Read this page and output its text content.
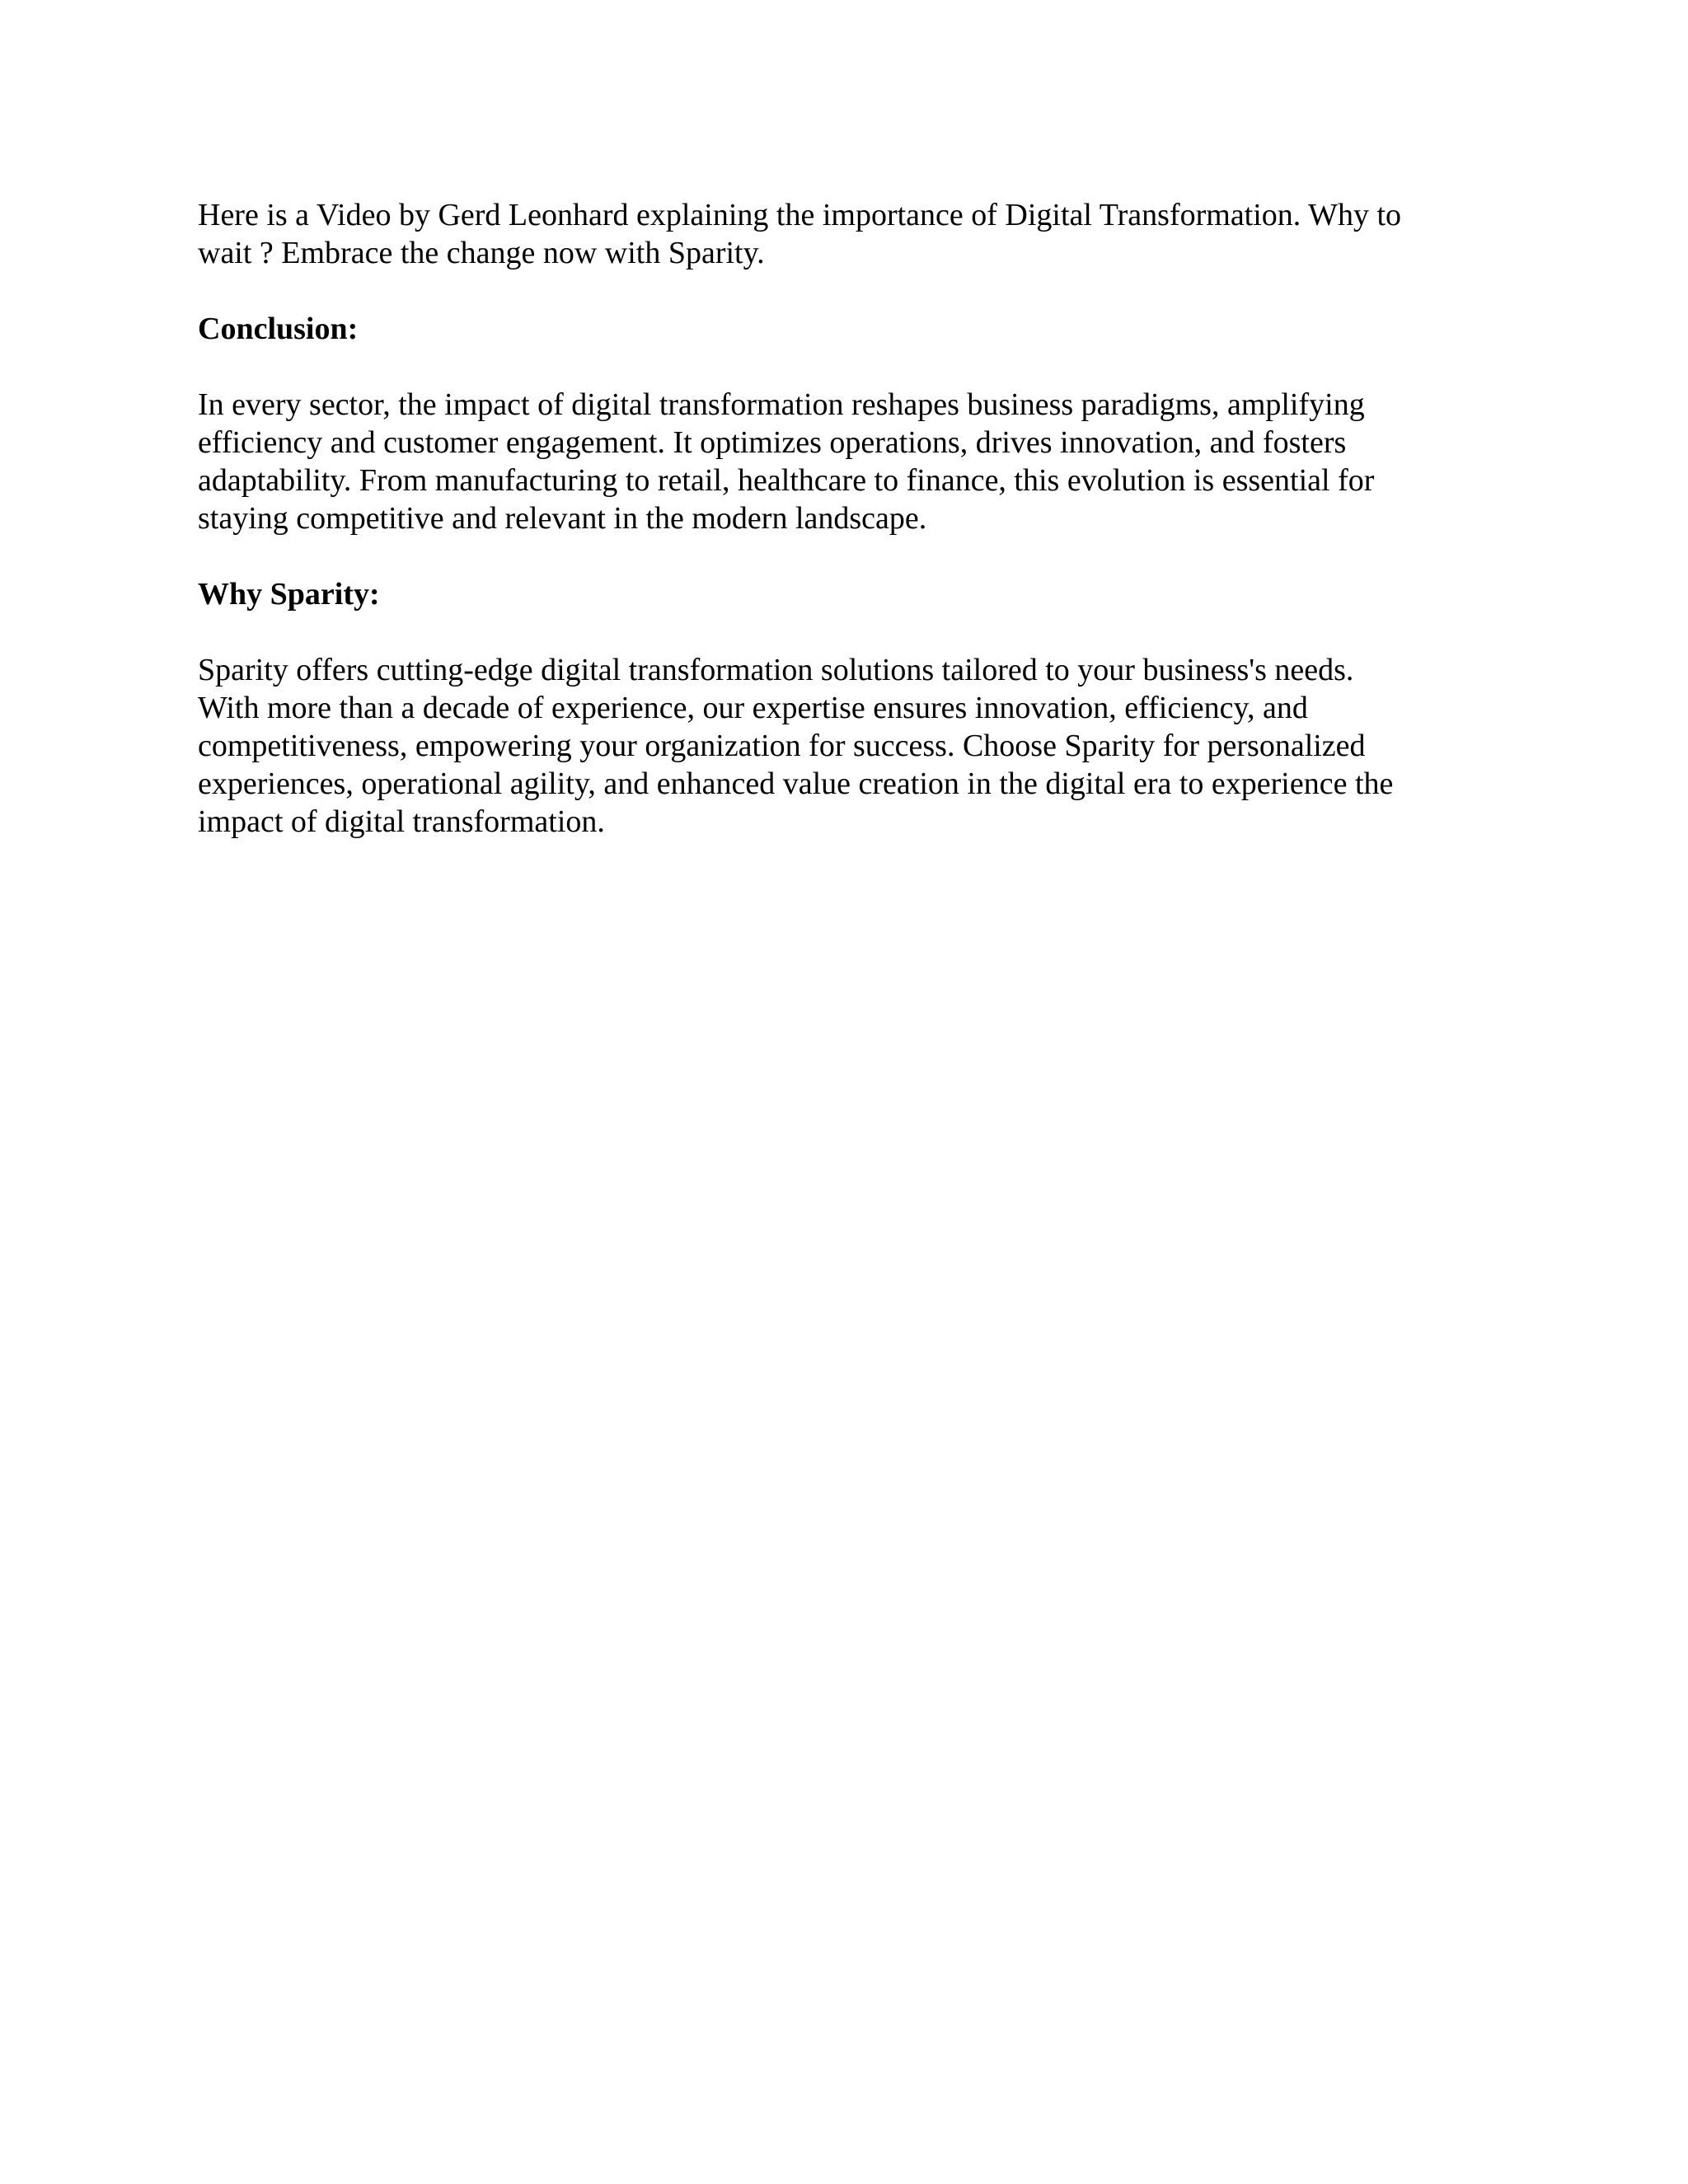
Here is a Video by Gerd Leonhard explaining the importance of Digital Transformation. Why to
wait ? Embrace the change now with Sparity.

Conclusion:

In every sector, the impact of digital transformation reshapes business paradigms, amplifying
efficiency and customer engagement. It optimizes operations, drives innovation, and fosters
adaptability. From manufacturing to retail, healthcare to finance, this evolution is essential for
staying competitive and relevant in the modern landscape.

Why Sparity:

Sparity offers cutting-edge digital transformation solutions tailored to your business's needs.
With more than a decade of experience, our expertise ensures innovation, efficiency, and
competitiveness, empowering your organization for success. Choose Sparity for personalized
experiences, operational agility, and enhanced value creation in the digital era to experience the
impact of digital transformation.
